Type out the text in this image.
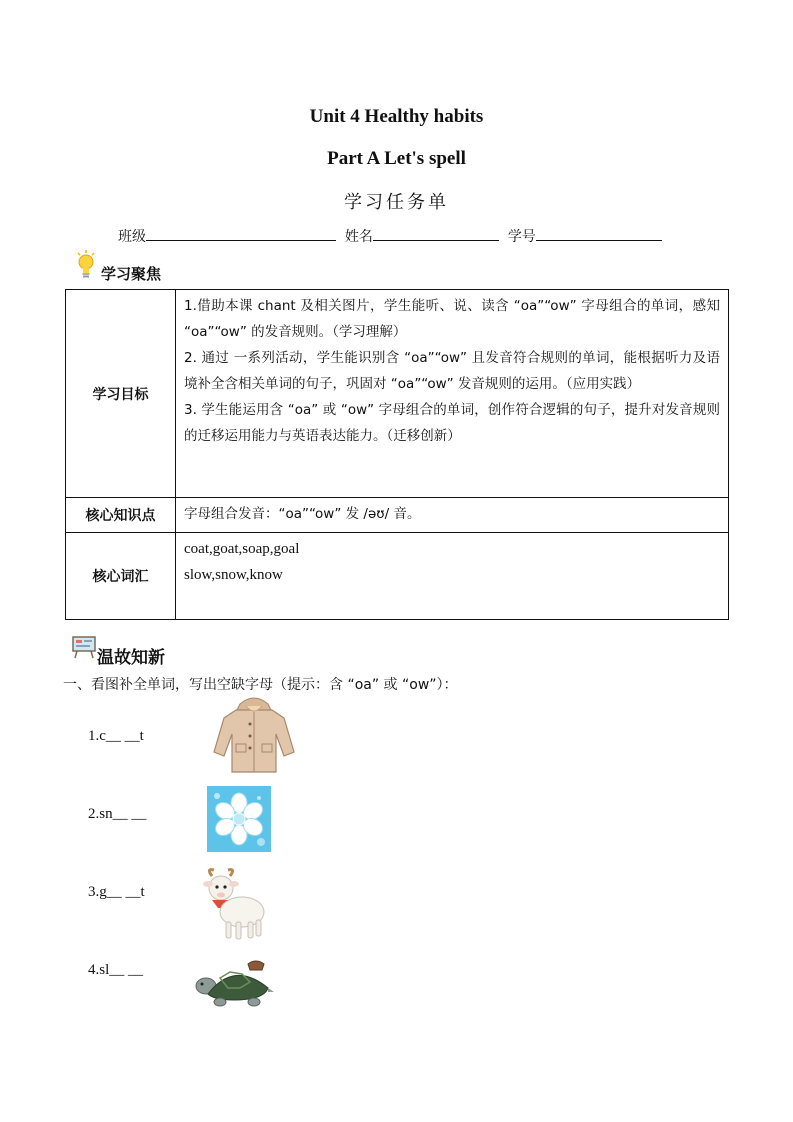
Unit 4 Healthy habits
Part A Let's spell
学习任务单
班级	姓名	学号
学习聚焦
学习目标	1.借助本课 chant 及相关图片，学生能听、说、读含 “oa”“ow” 字母组合的单词，感知 “oa”“ow” 的发音规则。（学习理解）
2. 通过 一系列活动，学生能识别含 “oa”“ow” 且发音符合规则的单词，能根据听力及语境补全含相关单词的句子，巩固对 “oa”“ow” 发音规则的运用。（应用实践）
3. 学生能运用含 “oa” 或 “ow” 字母组合的单词，创作符合逻辑的句子，提升对发音规则的迁移运用能力与英语表达能力。（迁移创新）

核心知识点	字母组合发音：“oa”“ow” 发 /əʊ/ 音。

核心词汇	coat,goat,soap,goal
slow,snow,know
温故知新
一、看图补全单词，写出空缺字母（提示：含 “oa” 或 “ow”）：
1.c__ __t
2.sn__ __
3.g__ __t
4.sl__ __
